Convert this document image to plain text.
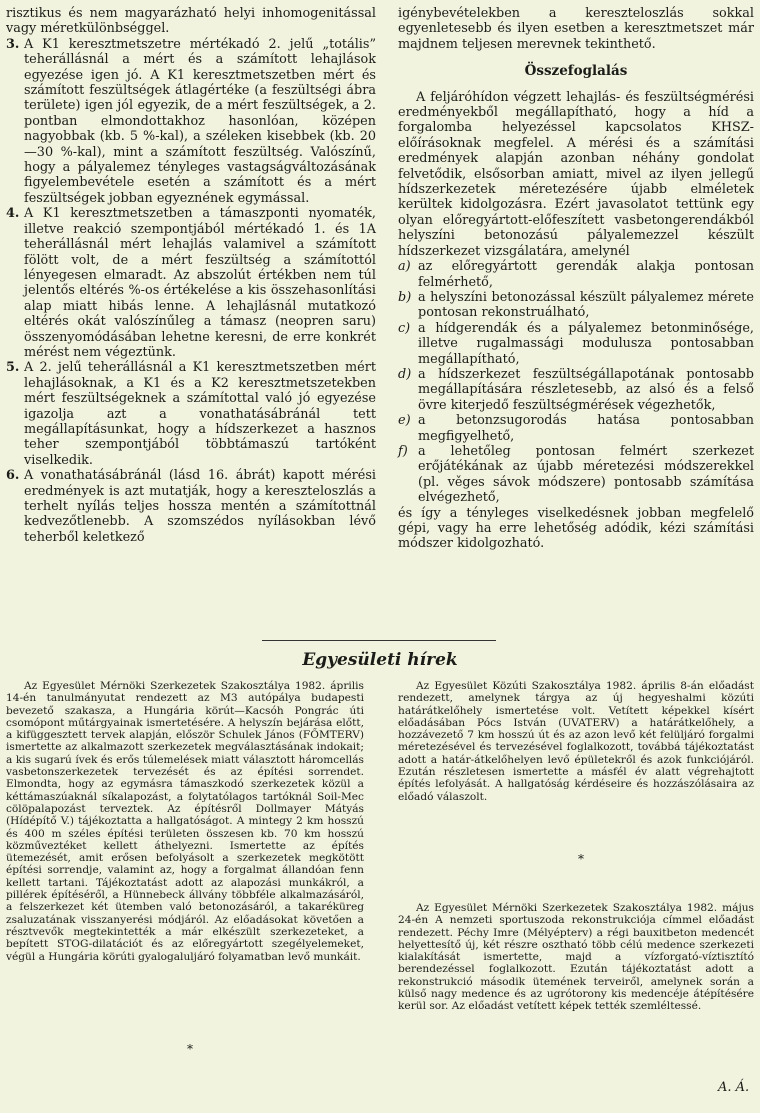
risztikus és nem magyarázható helyi inhomogenitással vagy méretkülönbséggel.

3. A K1 keresztmetszetre mértékadó 2. jelű „totális” teherállásnál a mért és a számított lehajlások egyezése igen jó. A K1 keresztmetszetben mért és számított feszültségek átlagértéke (a feszültségi ábra területe) igen jól egyezik, de a mért feszültségek, a 2. pontban elmondottakhoz hasonlóan, középen nagyobbak (kb. 5 %-kal), a széleken kisebbek (kb. 20—30 %-kal), mint a számított feszültség. Valószínű, hogy a pályalemez tényleges vastagságváltozásának figyelembevétele esetén a számított és a mért feszültségek jobban egyeznének egymással.

4. A K1 keresztmetszetben a támaszponti nyomaték, illetve reakció szempontjából mértékadó 1. és 1A teherállásnál mért lehajlás valamivel a számított fölött volt, de a mért feszültség a számítottól lényegesen elmaradt. Az abszolút értékben nem túl jelentős eltérés %-os értékelése a kis összehasonlítási alap miatt hibás lenne. A lehajlásnál mutatkozó eltérés okát valószínűleg a támasz (neopren saru) összenyomódásában lehetne keresni, de erre konkrét mérést nem végeztünk.

5. A 2. jelű teherállásnál a K1 keresztmetszetben mért lehajlásoknak, a K1 és a K2 keresztmetszetekben mért feszültségeknek a számítottal való jó egyezése igazolja azt a vonathatásábránál tett megállapításunkat, hogy a hídszerkezet a hasznos teher szempontjából többtámaszú tartóként viselkedik.

6. A vonathatásábránál (lásd 16. ábrát) kapott mérési eredmények is azt mutatják, hogy a kereszteloszlás a terhelt nyílás teljes hossza mentén a számítottnál kedvezőtlenebb. A szomszédos nyílásokban lévő teherből keletkező

igénybevételekben a kereszteloszlás sokkal egyenletesebb és ilyen esetben a keresztmetszet már majdnem teljesen merevnek tekinthető.

Összefoglalás

A feljáróhídon végzett lehajlás- és feszültségmérési eredményekből megállapítható, hogy a híd a forgalomba helyezéssel kapcsolatos KHSZ-előírásoknak megfelel. A mérési és a számítási eredmények alapján azonban néhány gondolat felvetődik, elsősorban amiatt, mivel az ilyen jellegű hídszerkezetek méretezésére újabb elméletek kerültek kidolgozásra. Ezért javasolatot tettünk egy olyan előregyártott-előfeszített vasbetongerendákból helyszíni betonozású pályalemezzel készült hídszerkezet vizsgálatára, amelynél

a) az előregyártott gerendák alakja pontosan felmérhető,

b) a helyszíni betonozással készült pályalemez mérete pontosan rekonstruálható,

c) a hídgerendák és a pályalemez betonminősége, illetve rugalmassági modulusza pontosabban megállapítható,

d) a hídszerkezet feszültségállapotának pontosabb megállapítására részletesebb, az alsó és a felső övre kiterjedő feszültségmérések végezhetők,

e) a betonzsugorodás hatása pontosabban megfigyelhető,

f) a lehetőleg pontosan felmért szerkezet erőjátékának az újabb méretezési módszerekkel (pl. věges sávok módszere) pontosabb számítása elvégezhető,

és így a tényleges viselkedésnek jobban megfelelő gépi, vagy ha erre lehetőség adódik, kézi számítási módszer kidolgozható.

Egyesületi hírek
Az Egyesület Mérnöki Szerkezetek Szakosztálya 1982. április 14-én tanulmányutat rendezett az M3 autópálya budapesti bevezető szakasza, a Hungária körút—Kacsóh Pongrác úti csomópont műtárgyainak ismertetésére. A helyszín bejárása előtt, a kifüggesztett tervek alapján, először Schulek János (FŐMTERV) ismertette az alkalmazott szerkezetek megválasztásának indokait; a kis sugarú ívek és erős túlemelések miatt választott háromcellás vasbetonszerkezetek tervezését és az építési sorrendet. Elmondta, hogy az egymásra támaszkodó szerkezetek közül a kéttámaszúaknál síkalapozást, a folytatólagos tartóknál Soil-Mec cölöpalapozást terveztek. Az építésről Dollmayer Mátyás (Hídépítő V.) tájékoztatta a hallgatóságot. A mintegy 2 km hosszú és 400 m széles építési területen összesen kb. 70 km hosszú közműveztéket kellett áthelyezni. Ismertette az építés ütemezését, amit erősen befolyásolt a szerkezetek megkötött építési sorrendje, valamint az, hogy a forgalmat állandóan fenn kellett tartani. Tájékoztatást adott az alapozási munkákról, a pillérek építéséről, a Hünnebeck állvány többféle alkalmazásáról, a felszerkezet két ütemben való betonozásáról, a takaréküreg zsaluzatának visszanyerési módjáról. Az előadásokat követően a résztvevők megtekintették a már elkészült szerkezeteket, a bepített STOG-dilatációt és az előregyártott szegélyelemeket, végül a Hungária körúti gyalogaluljáró folyamatban levő munkáit.
Az Egyesület Közúti Szakosztálya 1982. április 8-án előadást rendezett, amelynek tárgya az új hegyeshalmi közúti határátkelőhely ismertetése volt. Vetített képekkel kísért előadásában Pócs István (UVATERV) a határátkelőhely, a hozzávezető 7 km hosszú út és az azon levő két felüljáró forgalmi méretezésével és tervezésével foglalkozott, továbbá tájékoztatást adott a határ-átkelőhelyen levő épületekről és azok funkciójáról. Ezután részletesen ismertette a másfél év alatt végrehajtott építés lefolyását. A hallgatóság kérdéseire és hozzászólásaira az előadó válaszolt.
*
Az Egyesület Mérnöki Szerkezetek Szakosztálya 1982. május 24-én A nemzeti sportuszoda rekonstrukciója címmel előadást rendezett. Péchy Imre (Mélyépterv) a régi bauxitbeton medencét helyettesítő új, két részre osztható több célú medence szerkezeti kialakítását ismertette, majd a vízforgató-víztisztító berendezéssel foglalkozott. Ezután tájékoztatást adott a rekonstrukció második ütemének terveiről, amelynek során a külső nagy medence és az ugrótorony kis medencéje átépítésére kerül sor. Az előadást vetített képek tették szemléltessé.
*
A. Á.
